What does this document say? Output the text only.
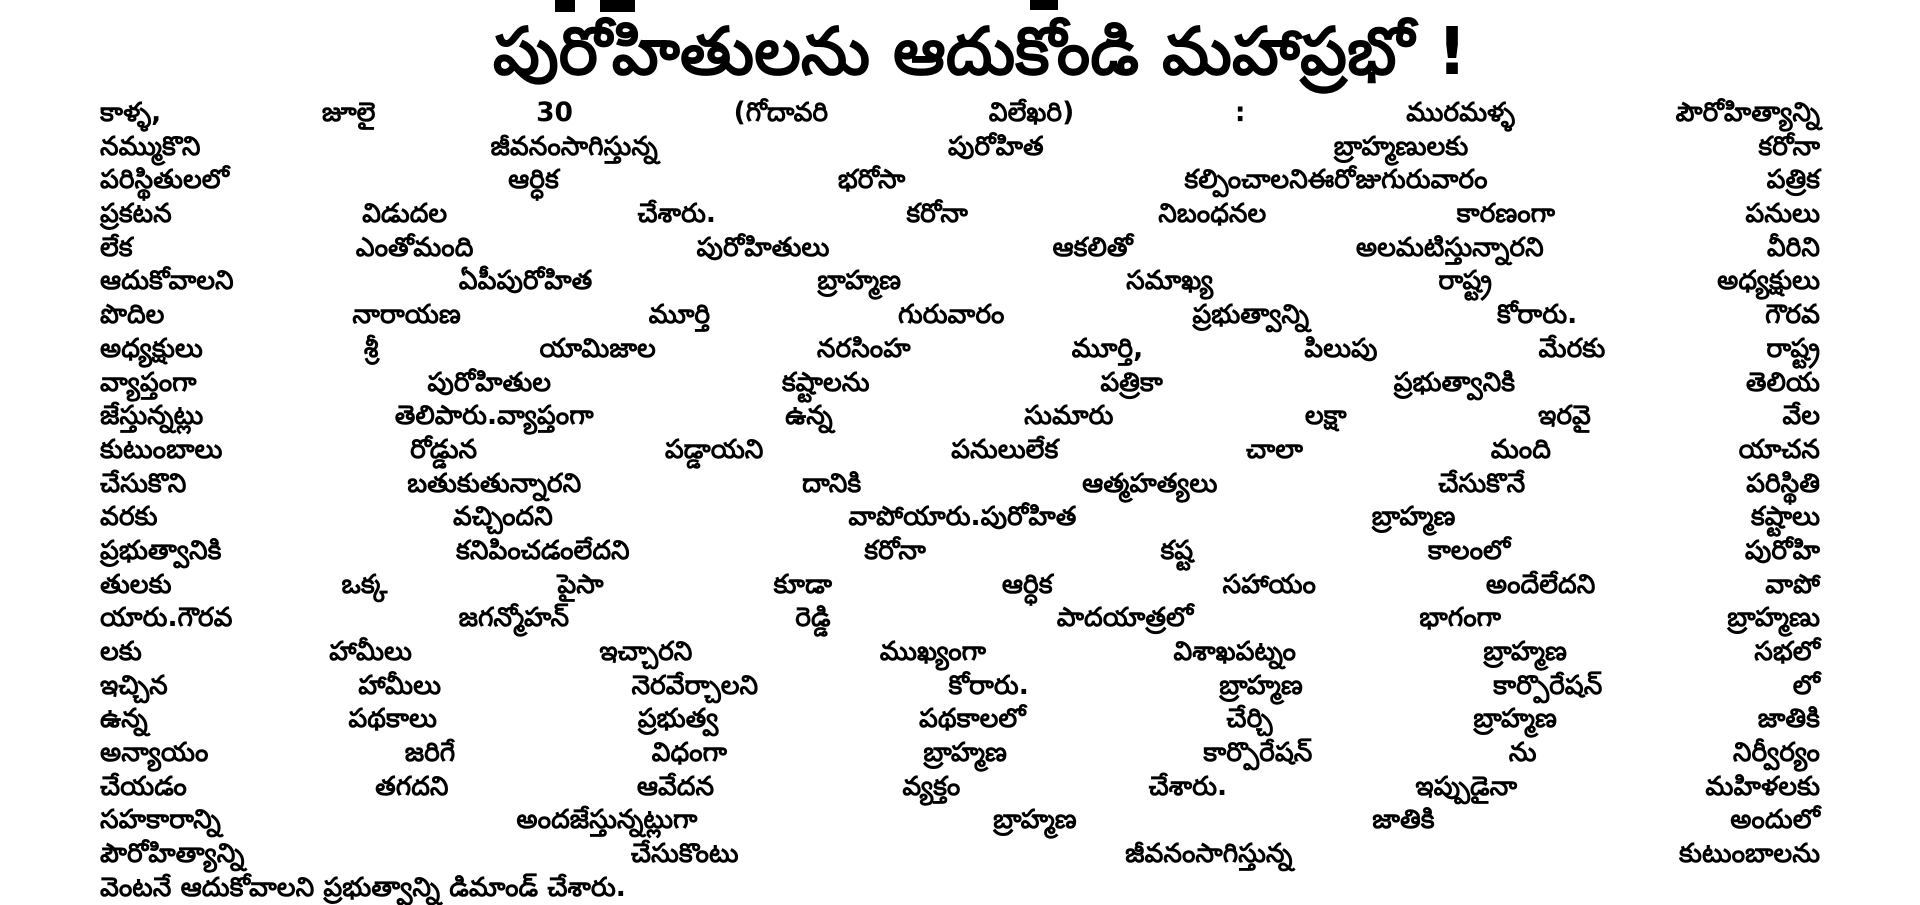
పురోహితులను ఆదుకోండి మహాప్రభో !
కాళ్ళ, జూలై 30 (గోదావరి విలేఖరి) : మురమళ్ళ పౌరోహిత్యాన్ని
నమ్ముకొని జీవనంసాగిస్తున్న పురోహిత బ్రాహ్మణులకు కరోనా
పరిస్థితులలో ఆర్ధిక భరోసా కల్పించాలనిఈరోజుగురువారం పత్రిక
ప్రకటన విడుదల చేశారు. కరోనా నిబంధనల కారణంగా పనులు
లేక ఎంతోమంది పురోహితులు ఆకలితో అలమటిస్తున్నారని వీరిని
ఆదుకోవాలని ఏపీపురోహిత బ్రాహ్మణ సమాఖ్య రాష్ట్ర అధ్యక్షులు
పొదిల నారాయణ మూర్తి గురువారం ప్రభుత్వాన్ని కోరారు. గౌరవ
అధ్యక్షులు శ్రీ యామిజాల నరసింహ మూర్తి, పిలుపు మేరకు రాష్ట్ర
వ్యాప్తంగా పురోహితుల కష్టాలను పత్రికా ప్రభుత్వానికి తెలియ
జేస్తున్నట్లు తెలిపారు.వ్యాప్తంగా ఉన్న సుమారు లక్షా ఇరవై వేల
కుటుంబాలు రోడ్డున పడ్డాయని పనులులేక చాలా మంది యాచన
చేసుకొని బతుకుతున్నారని దానికి ఆత్మహత్యలు చేసుకొనే పరిస్థితి
వరకు వచ్చిందని వాపోయారు.పురోహిత బ్రాహ్మణ కష్టాలు
ప్రభుత్వానికి కనిపించడంలేదని కరోనా కష్ట కాలంలో పురోహి
తులకు ఒక్క పైసా కూడా ఆర్ధిక సహాయం అందేలేదని వాపో
యారు.గౌరవ జగన్మోహన్ రెడ్డి పాదయాత్రలో భాగంగా బ్రాహ్మణు
లకు హామీలు ఇచ్చారని ముఖ్యంగా విశాఖపట్నం బ్రాహ్మణ సభలో
ఇచ్చిన హామీలు నెరవేర్చాలని కోరారు. బ్రాహ్మణ కార్పొరేషన్ లో
ఉన్న పథకాలు ప్రభుత్వ పథకాలలో చేర్చి బ్రాహ్మణ జాతికి
అన్యాయం జరిగే విధంగా బ్రాహ్మణ కార్పొరేషన్ ను నిర్వీర్యం
చేయడం తగదని ఆవేదన వ్యక్తం చేశారు. ఇప్పుడైనా మహిళలకు
సహకారాన్ని అందజేస్తున్నట్లుగా బ్రాహ్మణ జాతికి అందులో
పౌరోహిత్యాన్ని చేసుకొంటు జీవనంసాగిస్తున్న కుటుంబాలను
వెంటనే ఆదుకోవాలని ప్రభుత్వాన్ని డిమాండ్ చేశారు.
